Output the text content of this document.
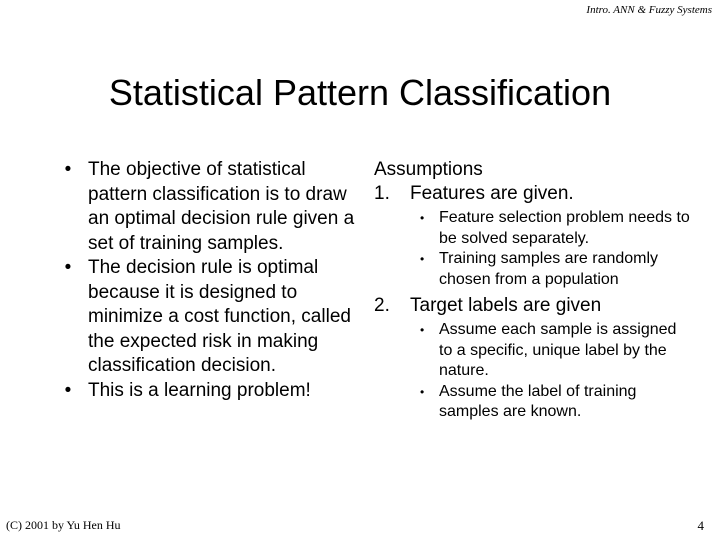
Intro. ANN & Fuzzy Systems
Statistical Pattern Classification

• The objective of statistical pattern classification is to draw an optimal decision rule given a set of training samples.

• The decision rule is optimal because it is designed to minimize a cost function, called the expected risk in making classification decision.

• This is a learning problem!

Assumptions
1. Features are given.
• Feature selection problem needs to be solved separately.
• Training samples are randomly chosen from a population
2. Target labels are given
• Assume each sample is assigned to a specific, unique label by the nature.
• Assume the label of training samples are known.
(C) 2001 by Yu Hen Hu	4
